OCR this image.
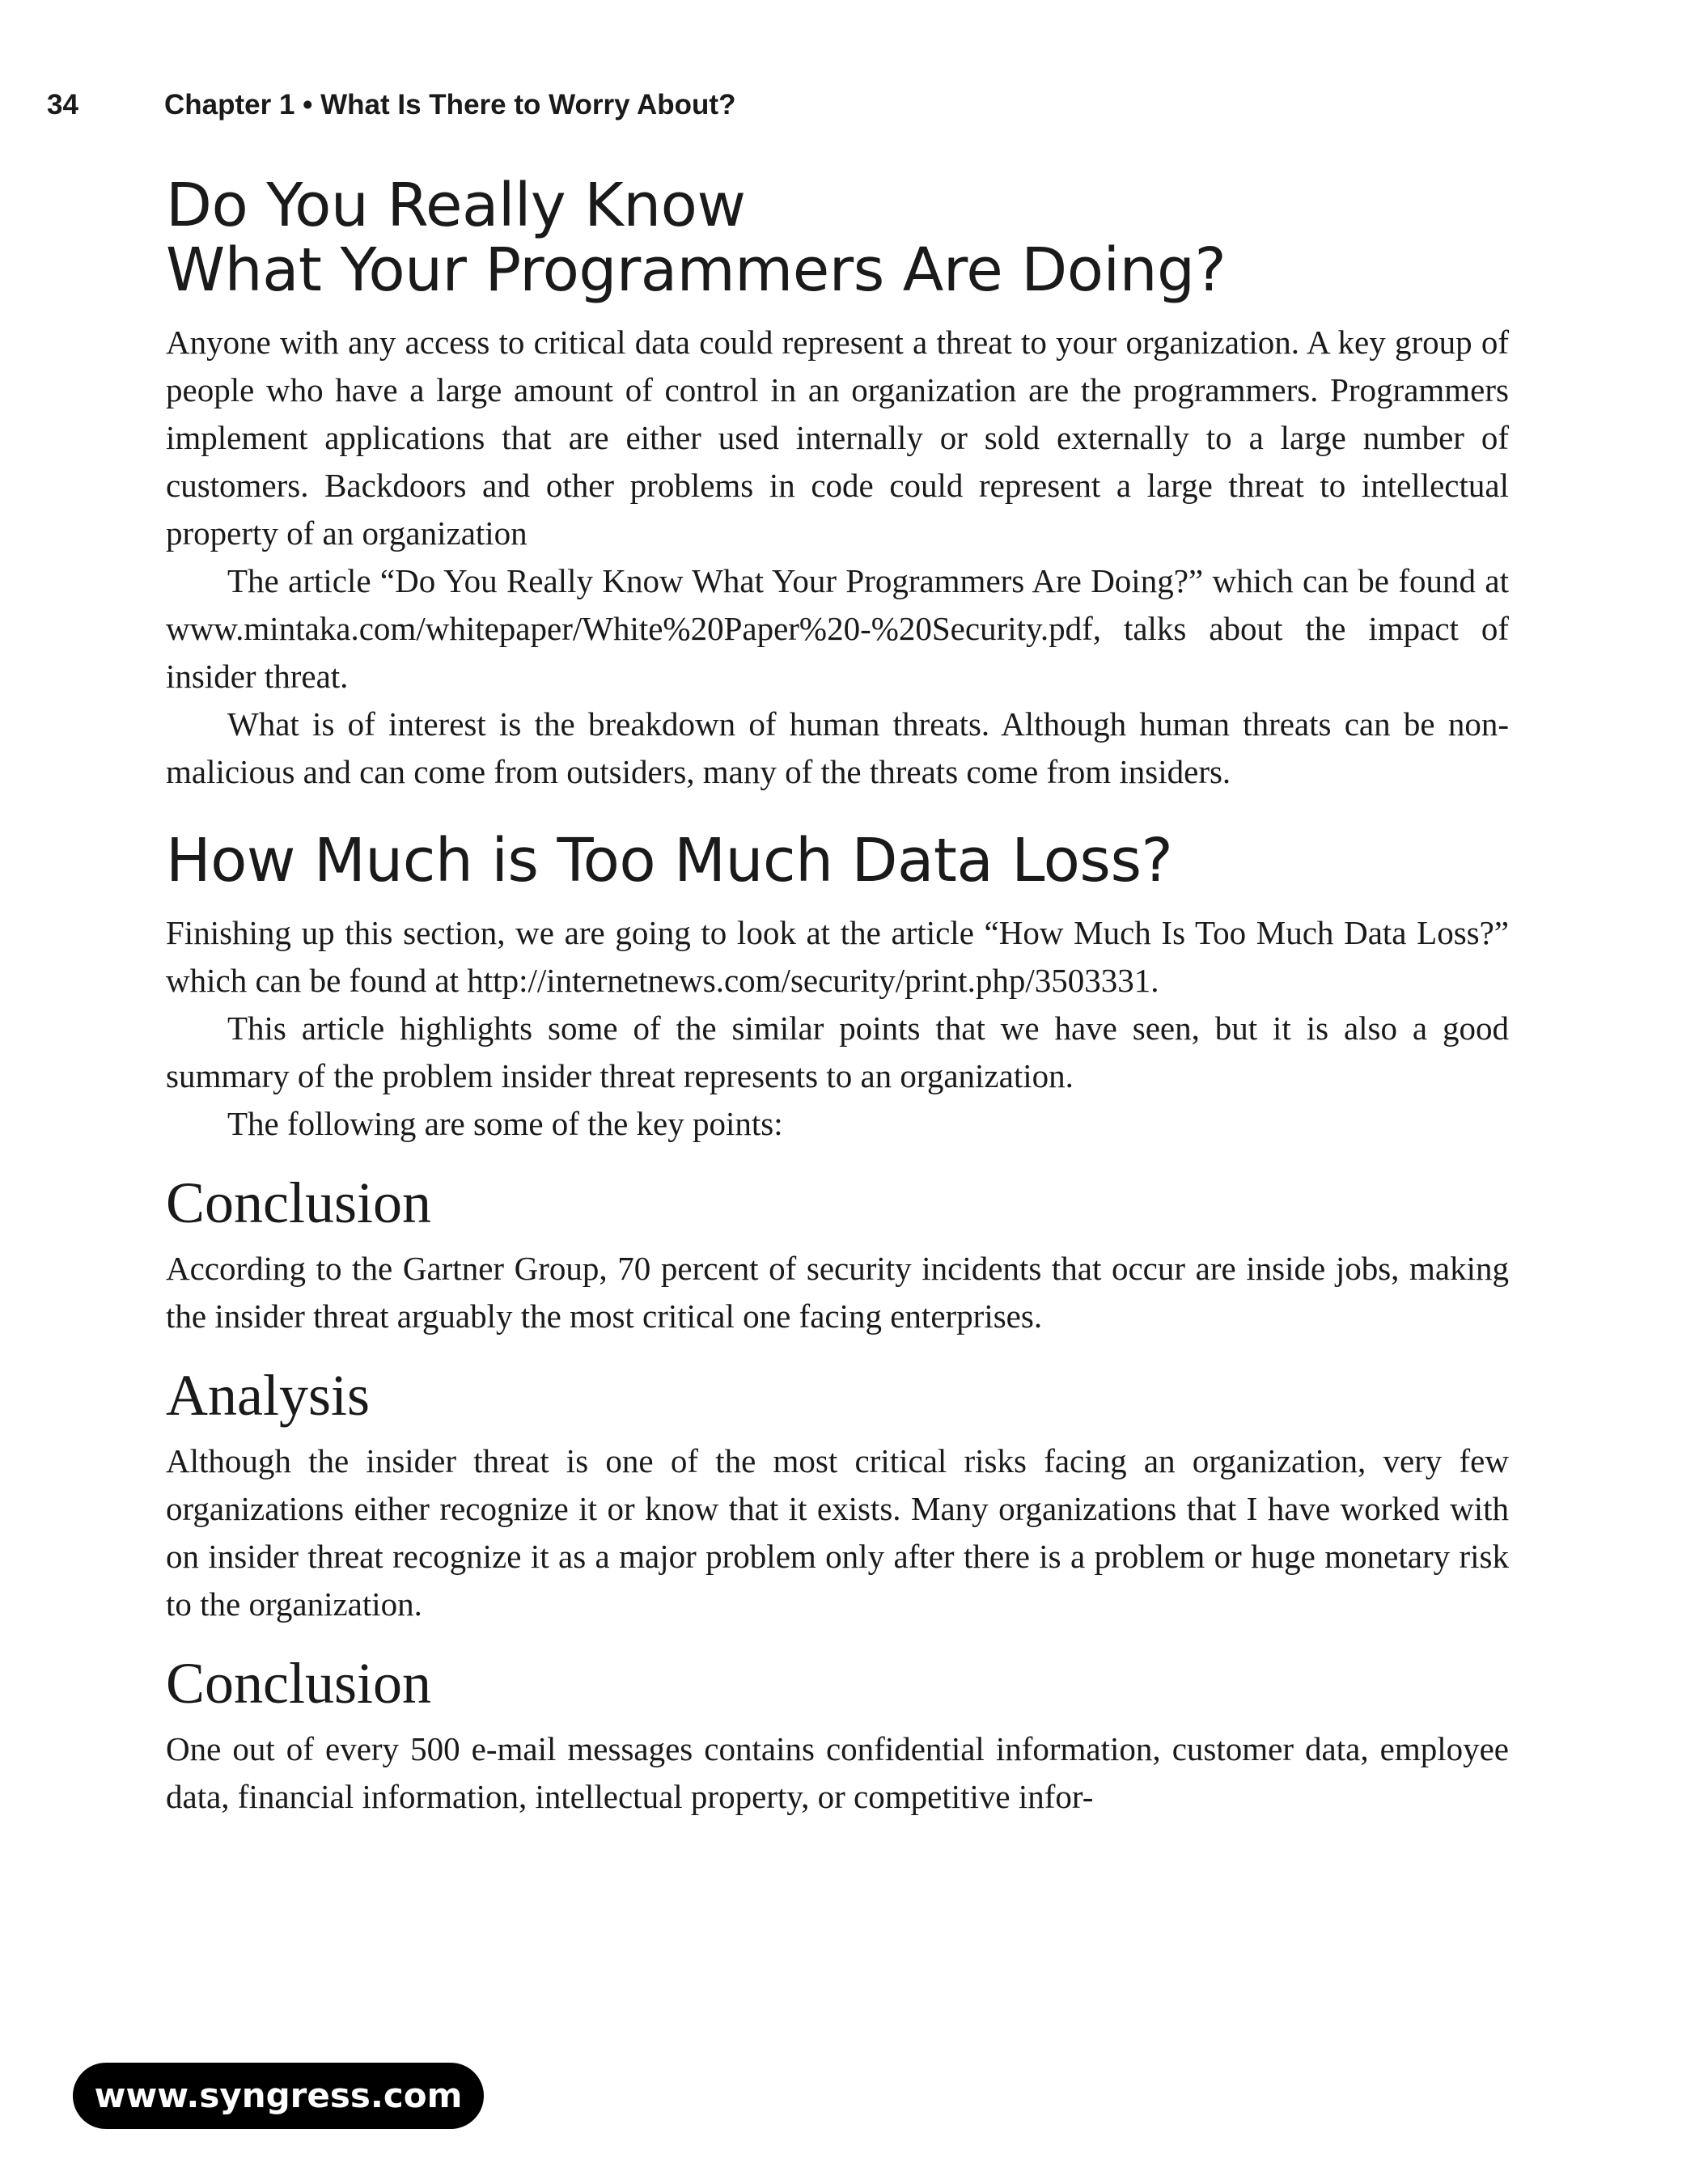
34	Chapter 1 • What Is There to Worry About?
Do You Really Know
What Your Programmers Are Doing?

Anyone with any access to critical data could represent a threat to your organization. A key group of people who have a large amount of control in an organization are the programmers. Programmers implement applications that are either used internally or sold externally to a large number of customers. Backdoors and other problems in code could represent a large threat to intellectual property of an organization

The article “Do You Really Know What Your Programmers Are Doing?” which can be found at www.mintaka.com/whitepaper/White%20Paper%20-%20Security.pdf, talks about the impact of insider threat.

What is of interest is the breakdown of human threats. Although human threats can be non-malicious and can come from outsiders, many of the threats come from insiders.

How Much is Too Much Data Loss?

Finishing up this section, we are going to look at the article “How Much Is Too Much Data Loss?” which can be found at http://internetnews.com/security/print.php/3503331.

This article highlights some of the similar points that we have seen, but it is also a good summary of the problem insider threat represents to an organization.

The following are some of the key points:

Conclusion

According to the Gartner Group, 70 percent of security incidents that occur are inside jobs, making the insider threat arguably the most critical one facing enterprises.

Analysis

Although the insider threat is one of the most critical risks facing an organization, very few organizations either recognize it or know that it exists. Many organizations that I have worked with on insider threat recognize it as a major problem only after there is a problem or huge monetary risk to the organization.

Conclusion

One out of every 500 e-mail messages contains confidential information, customer data, employee data, financial information, intellectual property, or competitive infor-

www.syngress.com
